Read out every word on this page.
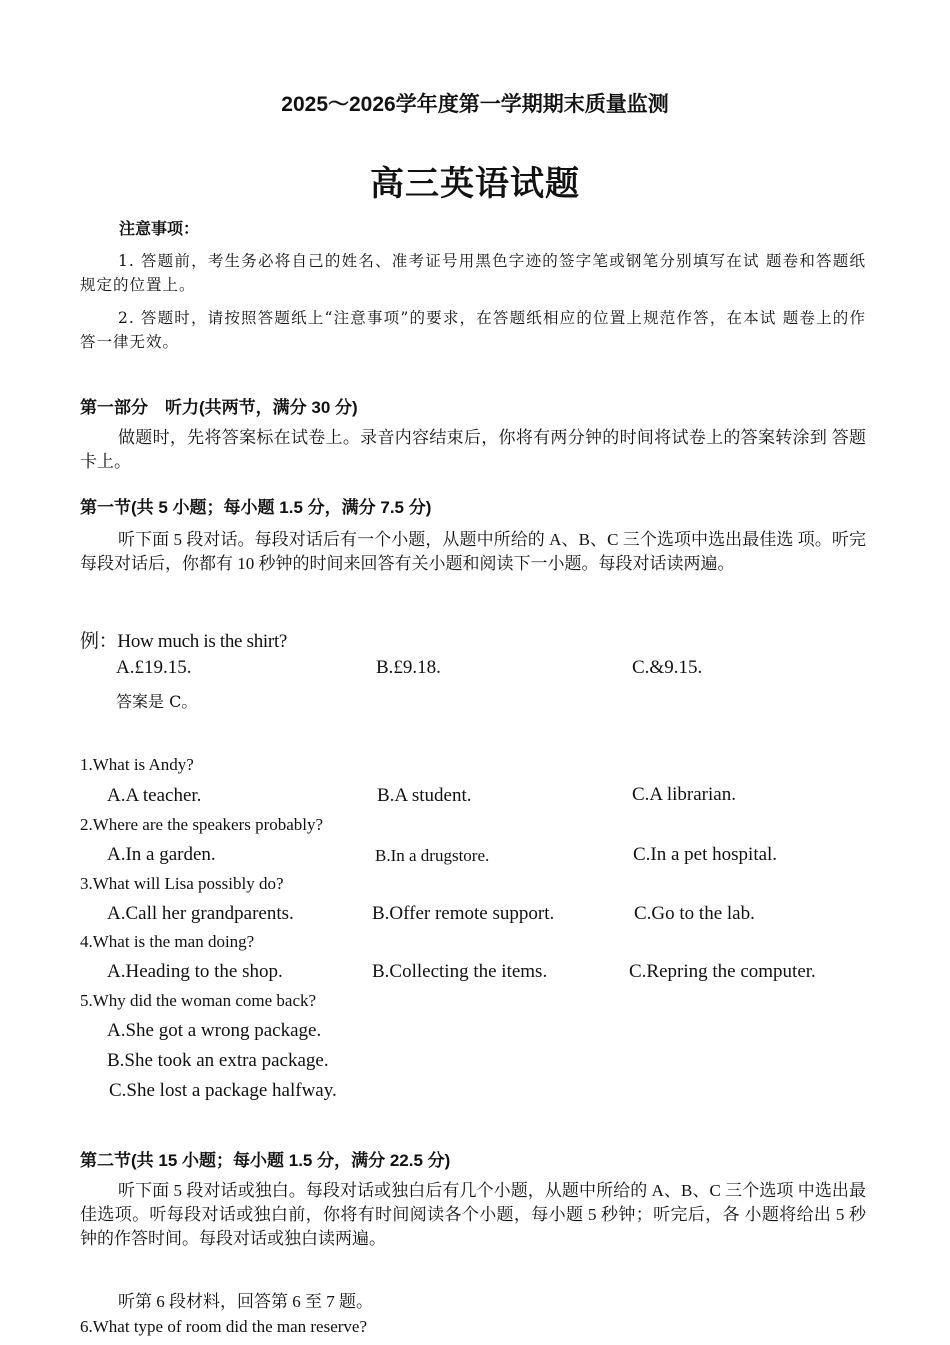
2025～2026学年度第一学期期末质量监测
高三英语试题
注意事项：
1. 答题前，考生务必将自己的姓名、准考证号用黑色字迹的签字笔或钢笔分别填写在试 题卷和答题纸规定的位置上。
2. 答题时，请按照答题纸上“注意事项”的要求，在答题纸相应的位置上规范作答，在本试 题卷上的作答一律无效。
第一部分　听力(共两节，满分 30 分)
做题时，先将答案标在试卷上。录音内容结束后，你将有两分钟的时间将试卷上的答案转涂到 答题卡上。
第一节(共 5 小题；每小题 1.5 分，满分 7.5 分)
听下面 5 段对话。每段对话后有一个小题，从题中所给的 A、B、C 三个选项中选出最佳选 项。听完每段对话后，你都有 10 秒钟的时间来回答有关小题和阅读下一小题。每段对话读两遍。
例：How much is the shirt?
A.£19.15.	B.£9.18.	C.&9.15.
答案是 C。
1.What is Andy?
A.A teacher.	B.A student.	C.A librarian.
2.Where are the speakers probably?
A.In a garden.	B.In a drugstore.	C.In a pet hospital.
3.What will Lisa possibly do?
A.Call her grandparents.	B.Offer remote support.	C.Go to the lab.
4.What is the man doing?
A.Heading to the shop.	B.Collecting the items.	C.Repring the computer.
5.Why did the woman come back?
A.She got a wrong package.
B.She took an extra package.
C.She lost a package halfway.
第二节(共 15 小题；每小题 1.5 分，满分 22.5 分)
听下面 5 段对话或独白。每段对话或独白后有几个小题，从题中所给的 A、B、C 三个选项 中选出最佳选项。听每段对话或独白前，你将有时间阅读各个小题，每小题 5 秒钟；听完后，各 小题将给出 5 秒钟的作答时间。每段对话或独白读两遍。
听第 6 段材料，回答第 6 至 7 题。
6.What type of room did the man reserve?
